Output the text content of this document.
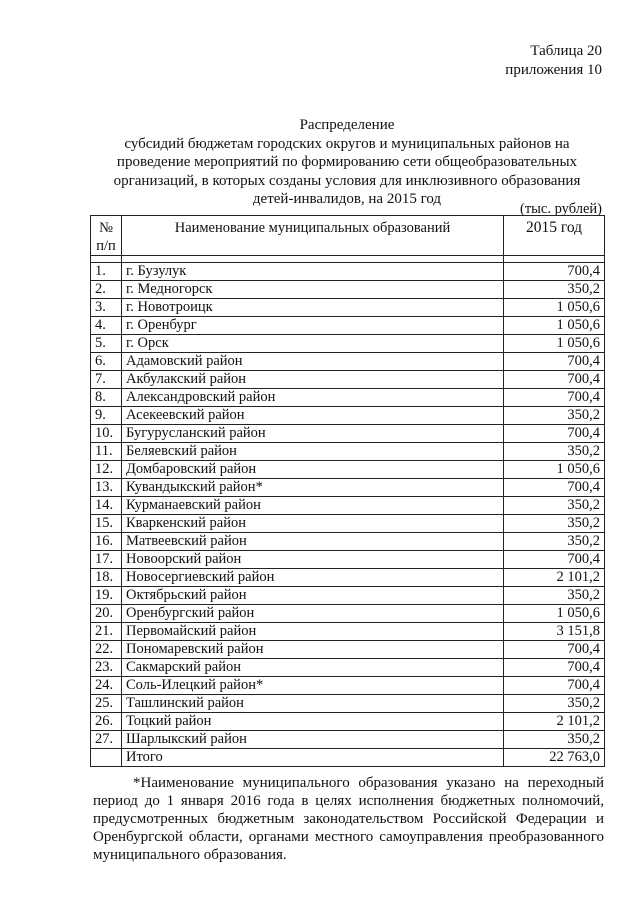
Таблица 20
приложения 10
Распределение
субсидий бюджетам городских округов и муниципальных районов на
проведение мероприятий по формированию сети общеобразовательных
организаций, в которых созданы условия для инклюзивного образования
детей-инвалидов, на 2015 год
(тыс. рублей)
№
п/п	Наименование муниципальных образований	2015 год

1.	г. Бузулук	700,4
2.	г. Медногорск	350,2
3.	г. Новотроицк	1 050,6
4.	г. Оренбург	1 050,6
5.	г. Орск	1 050,6
6.	Адамовский район	700,4
7.	Акбулакский район	700,4
8.	Александровский район	700,4
9.	Асекеевский район	350,2
10.	Бугурусланский район	700,4
11.	Беляевский район	350,2
12.	Домбаровский район	1 050,6
13.	Кувандыкский район*	700,4
14.	Курманаевский район	350,2
15.	Кваркенский район	350,2
16.	Матвеевский район	350,2
17.	Новоорский район	700,4
18.	Новосергиевский район	2 101,2
19.	Октябрьский район	350,2
20.	Оренбургский район	1 050,6
21.	Первомайский район	3 151,8
22.	Пономаревский район	700,4
23.	Сакмарский район	700,4
24.	Соль-Илецкий район*	700,4
25.	Ташлинский район	350,2
26.	Тоцкий район	2 101,2
27.	Шарлыкский район	350,2
	Итого	22 763,0
*Наименование муниципального образования указано на переходный период до 1 января 2016 года в целях исполнения бюджетных полномочий, предусмотренных бюджетным законодательством Российской Федерации и Оренбургской области, органами местного самоуправления преобразованного муниципального образования.
